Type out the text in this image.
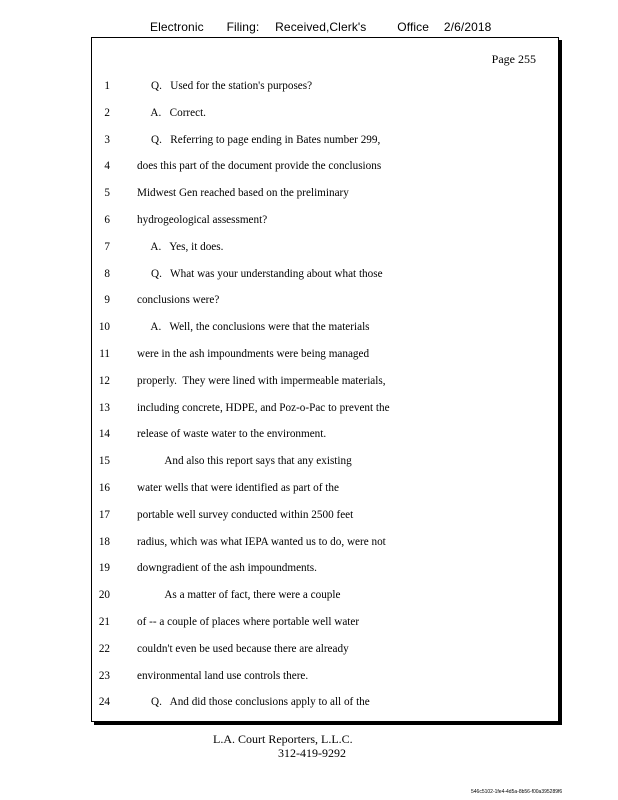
Electronic Filing: Received,Clerk's	Office 2/6/2018
Page 255
1 Q.   Used for the station's purposes?
2 A.   Correct.
3 Q.   Referring to page ending in Bates number 299,
4 does this part of the document provide the conclusions
5 Midwest Gen reached based on the preliminary
6 hydrogeological assessment?
7 A.   Yes, it does.
8 Q.   What was your understanding about what those
9 conclusions were?
10 A.   Well, the conclusions were that the materials
11 were in the ash impoundments were being managed
12 properly.  They were lined with impermeable materials,
13 including concrete, HDPE, and Poz-o-Pac to prevent the
14 release of waste water to the environment.
15 And also this report says that any existing
16 water wells that were identified as part of the
17 portable well survey conducted within 2500 feet
18 radius, which was what IEPA wanted us to do, were not
19 downgradient of the ash impoundments.
20 As a matter of fact, there were a couple
21 of -- a couple of places where portable well water
22 couldn't even be used because there are already
23 environmental land use controls there.
24 Q.   And did those conclusions apply to all of the
L.A. Court Reporters, L.L.C.
312-419-9292
546c5102-1fe4-4d5a-8b56-f00a395289f6
